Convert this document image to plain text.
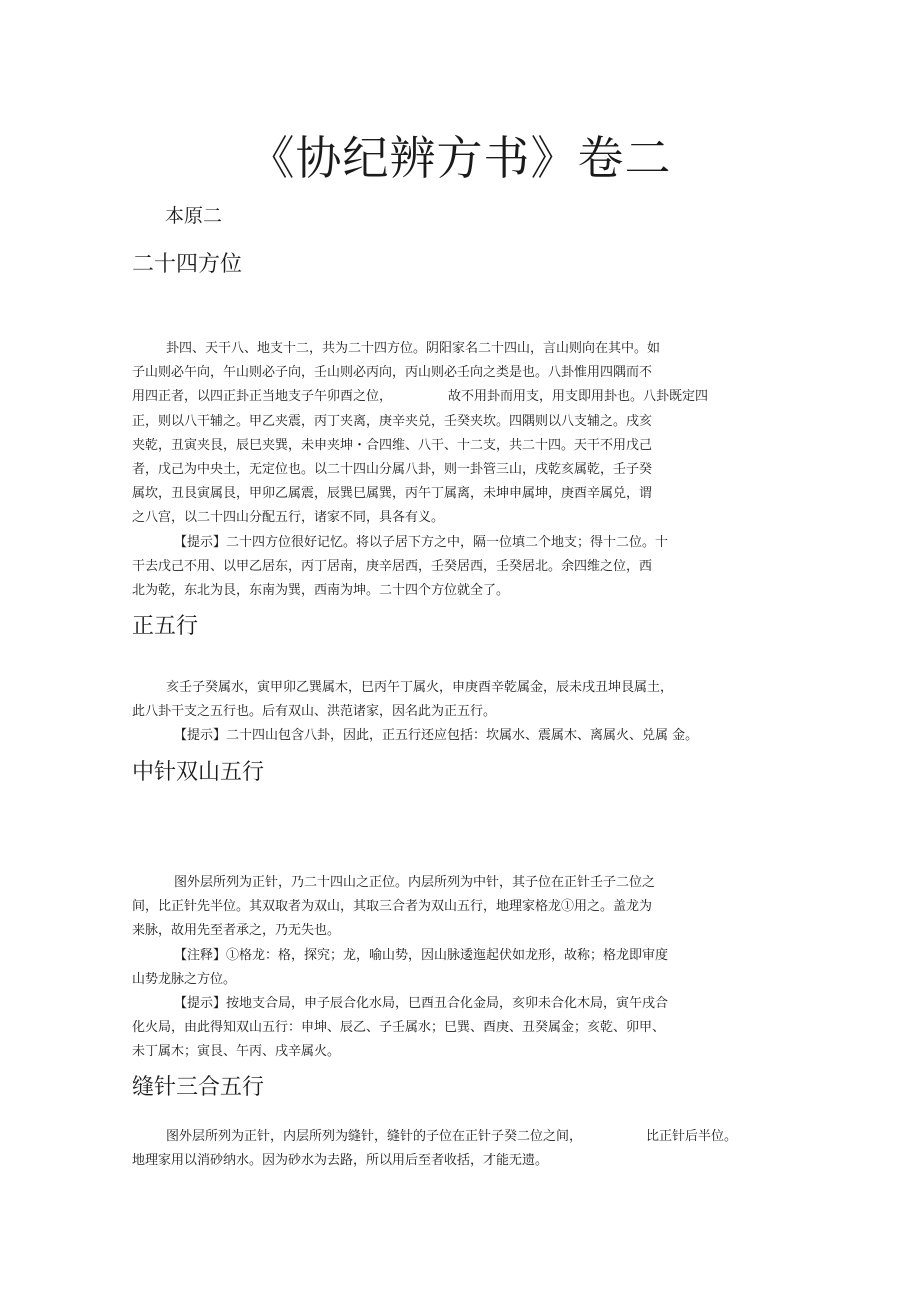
《协纪辨方书》卷二
本原二
二十四方位
卦四、天干八、地支十二，共为二十四方位。阴阳家名二十四山，言山则向在其中。如
子山则必午向，午山则必子向，壬山则必丙向，丙山则必壬向之类是也。八卦惟用四隅而不
用四正者，以四正卦正当地支子午卯酉之位，	故不用卦而用支，用支即用卦也。八卦既定四
正，则以八干辅之。甲乙夹震，丙丁夹离，庚辛夹兑，壬癸夹坎。四隅则以八支辅之。戌亥
夹乾，丑寅夹艮，辰巳夹巽，未申夹坤・合四维、八干、十二支，共二十四。天干不用戊己
者，戊己为中央土，无定位也。以二十四山分属八卦，则一卦管三山，戌乾亥属乾，壬子癸
属坎，丑艮寅属艮，甲卯乙属震，辰巽巳属巽，丙午丁属离，未坤申属坤，庚酉辛属兑，谓
之八宫，以二十四山分配五行，诸家不同，具各有义。
【提示】二十四方位很好记忆。将以子居下方之中，隔一位填二个地支；得十二位。十
干去戊己不用、以甲乙居东，丙丁居南，庚辛居西，壬癸居西，壬癸居北。余四维之位，西
北为乾，东北为艮，东南为巽，西南为坤。二十四个方位就全了。
正五行
亥壬子癸属水，寅甲卯乙巽属木，巳丙午丁属火，申庚酉辛乾属金，辰未戌丑坤艮属土，
此八卦干支之五行也。后有双山、洪范诸家，因名此为正五行。
【提示】二十四山包含八卦，因此，正五行还应包括：坎属水、震属木、离属火、兑属 金。
中针双山五行
图外层所列为正针，乃二十四山之正位。内层所列为中针，其子位在正针壬子二位之
间，比正针先半位。其双取者为双山，其取三合者为双山五行，地理家格龙①用之。盖龙为
来脉，故用先至者承之，乃无失也。
【注释】①格龙：格，探究；龙，喻山势，因山脉逶迤起伏如龙形，故称；格龙即审度
山势龙脉之方位。
【提示】按地支合局，申子辰合化水局，巳酉丑合化金局，亥卯未合化木局，寅午戌合
化火局，由此得知双山五行：申坤、辰乙、子壬属水；巳巽、酉庚、丑癸属金；亥乾、卯甲、
未丁属木；寅艮、午丙、戌辛属火。
缝针三合五行
图外层所列为正针，内层所列为缝针，缝针的子位在正针子癸二位之间，	比正针后半位。
地理家用以消砂纳水。因为砂水为去路，所以用后至者收括，才能无遗。
